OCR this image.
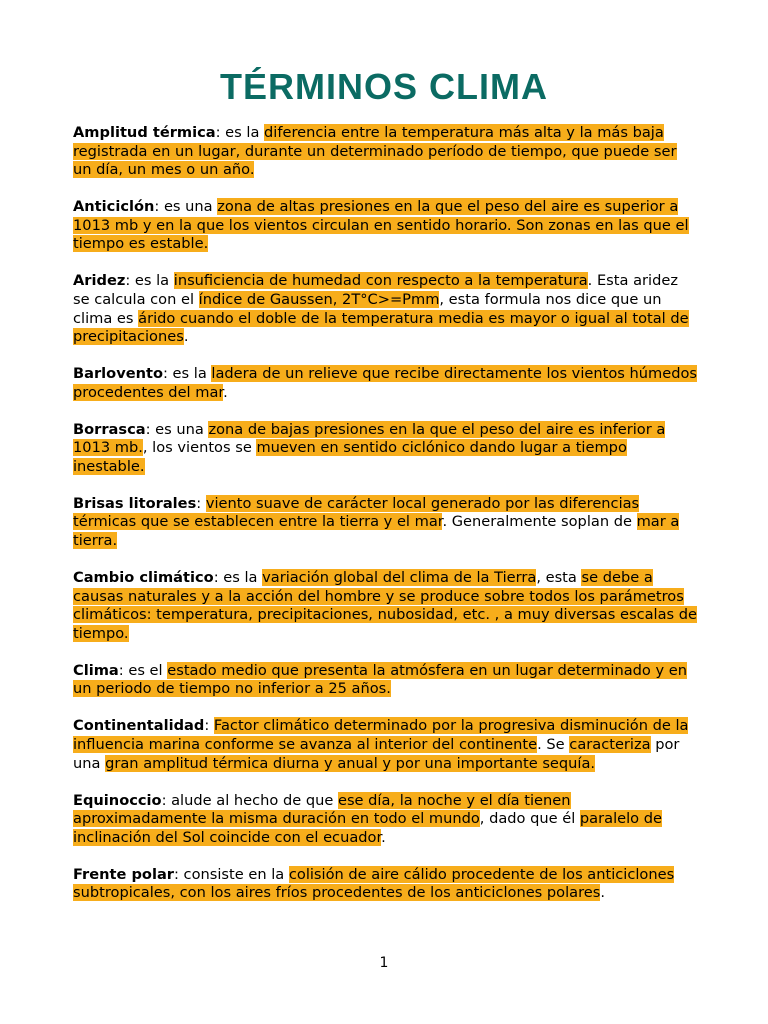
TÉRMINOS CLIMA

Amplitud térmica: es la diferencia entre la temperatura más alta y la más baja registrada en un lugar, durante un determinado período de tiempo, que puede ser un día, un mes o un año.

Anticiclón: es una zona de altas presiones en la que el peso del aire es superior a 1013 mb y en la que los vientos circulan en sentido horario. Son zonas en las que el tiempo es estable.

Aridez: es la insuficiencia de humedad con respecto a la temperatura. Esta aridez se calcula con el índice de Gaussen, 2T°C>=Pmm, esta formula nos dice que un clima es árido cuando el doble de la temperatura media es mayor o igual al total de precipitaciones.

Barlovento: es la ladera de un relieve que recibe directamente los vientos húmedos procedentes del mar.

Borrasca: es una zona de bajas presiones en la que el peso del aire es inferior a 1013 mb., los vientos se mueven en sentido ciclónico dando lugar a tiempo inestable.

Brisas litorales: viento suave de carácter local generado por las diferencias térmicas que se establecen entre la tierra y el mar. Generalmente soplan de mar a tierra.

Cambio climático: es la variación global del clima de la Tierra, esta se debe a causas naturales y a la acción del hombre y se produce sobre todos los parámetros climáticos: temperatura, precipitaciones, nubosidad, etc. , a muy diversas escalas de tiempo.

Clima: es el estado medio que presenta la atmósfera en un lugar determinado y en un periodo de tiempo no inferior a 25 años.

Continentalidad: Factor climático determinado por la progresiva disminución de la influencia marina conforme se avanza al interior del continente. Se caracteriza por una gran amplitud térmica diurna y anual y por una importante sequía.

Equinoccio: alude al hecho de que ese día, la noche y el día tienen aproximadamente la misma duración en todo el mundo, dado que él paralelo de inclinación del Sol coincide con el ecuador.

Frente polar: consiste en la colisión de aire cálido procedente de los anticiclones subtropicales, con los aires fríos procedentes de los anticiclones polares.

1
